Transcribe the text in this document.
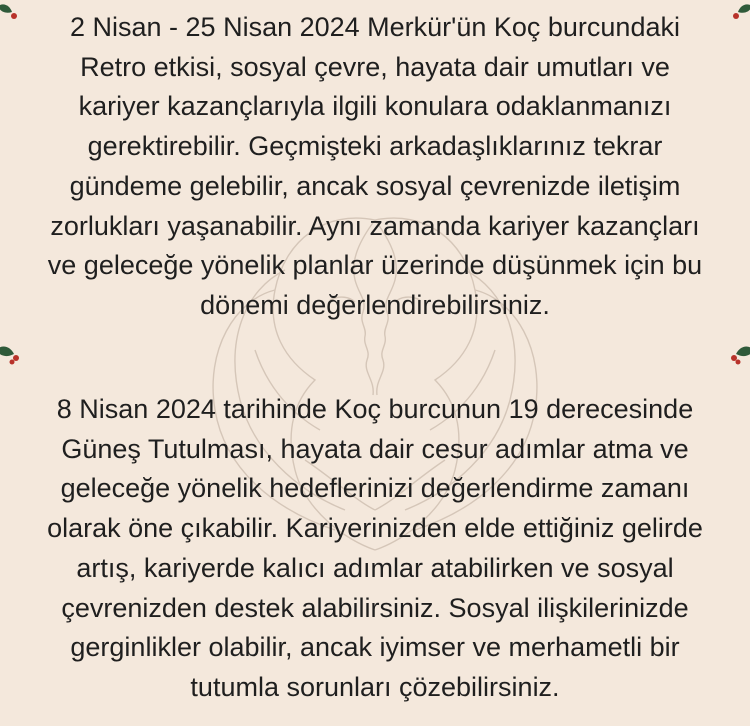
2 Nisan - 25 Nisan 2024 Merkür'ün Koç burcundaki
Retro etkisi, sosyal çevre, hayata dair umutları ve
kariyer kazançlarıyla ilgili konulara odaklanmanızı
gerektirebilir. Geçmişteki arkadaşlıklarınız tekrar
gündeme gelebilir, ancak sosyal çevrenizde iletişim
zorlukları yaşanabilir. Aynı zamanda kariyer kazançları
ve geleceğe yönelik planlar üzerinde düşünmek için bu
dönemi değerlendirebilirsiniz.
8 Nisan 2024 tarihinde Koç burcunun 19 derecesinde
Güneş Tutulması, hayata dair cesur adımlar atma ve
geleceğe yönelik hedeflerinizi değerlendirme zamanı
olarak öne çıkabilir. Kariyerinizden elde ettiğiniz gelirde
artış, kariyerde kalıcı adımlar atabilirken ve sosyal
çevrenizden destek alabilirsiniz. Sosyal ilişkilerinizde
gerginlikler olabilir, ancak iyimser ve merhametli bir
tutumla sorunları çözebilirsiniz.
